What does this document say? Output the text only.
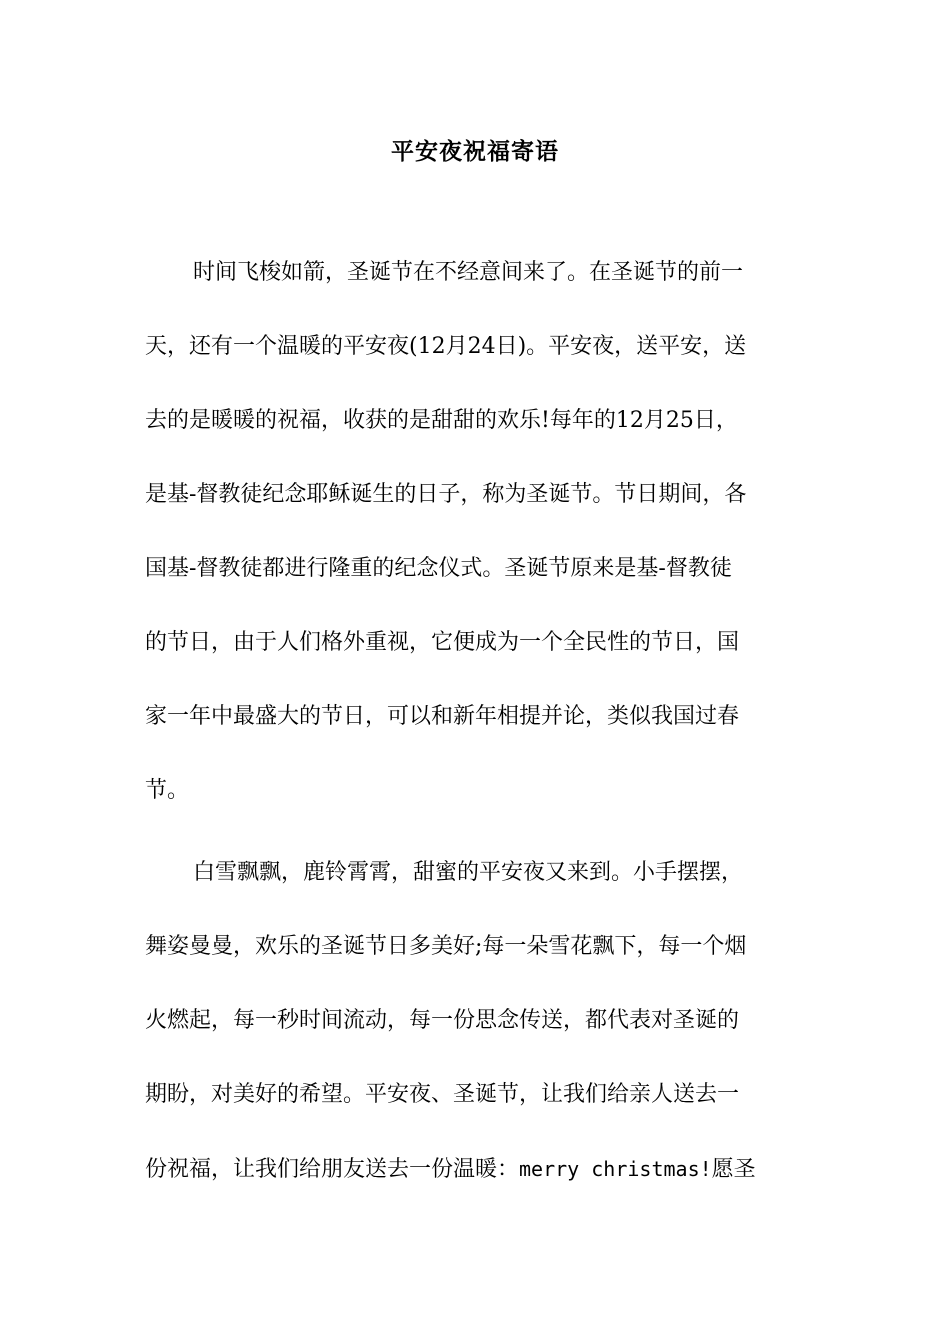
平安夜祝福寄语
时间飞梭如箭，圣诞节在不经意间来了。在圣诞节的前一
天，还有一个温暖的平安夜(12月24日)。平安夜，送平安，送
去的是暖暖的祝福，收获的是甜甜的欢乐!每年的12月25日，
是基-督教徒纪念耶稣诞生的日子，称为圣诞节。节日期间，各
国基-督教徒都进行隆重的纪念仪式。圣诞节原来是基-督教徒
的节日，由于人们格外重视，它便成为一个全民性的节日，国
家一年中最盛大的节日，可以和新年相提并论，类似我国过春
节。
白雪飘飘，鹿铃霄霄，甜蜜的平安夜又来到。小手摆摆，
舞姿曼曼，欢乐的圣诞节日多美好;每一朵雪花飘下，每一个烟
火燃起，每一秒时间流动，每一份思念传送，都代表对圣诞的
期盼，对美好的希望。平安夜、圣诞节，让我们给亲人送去一
份祝福，让我们给朋友送去一份温暖：merry christmas!愿圣
